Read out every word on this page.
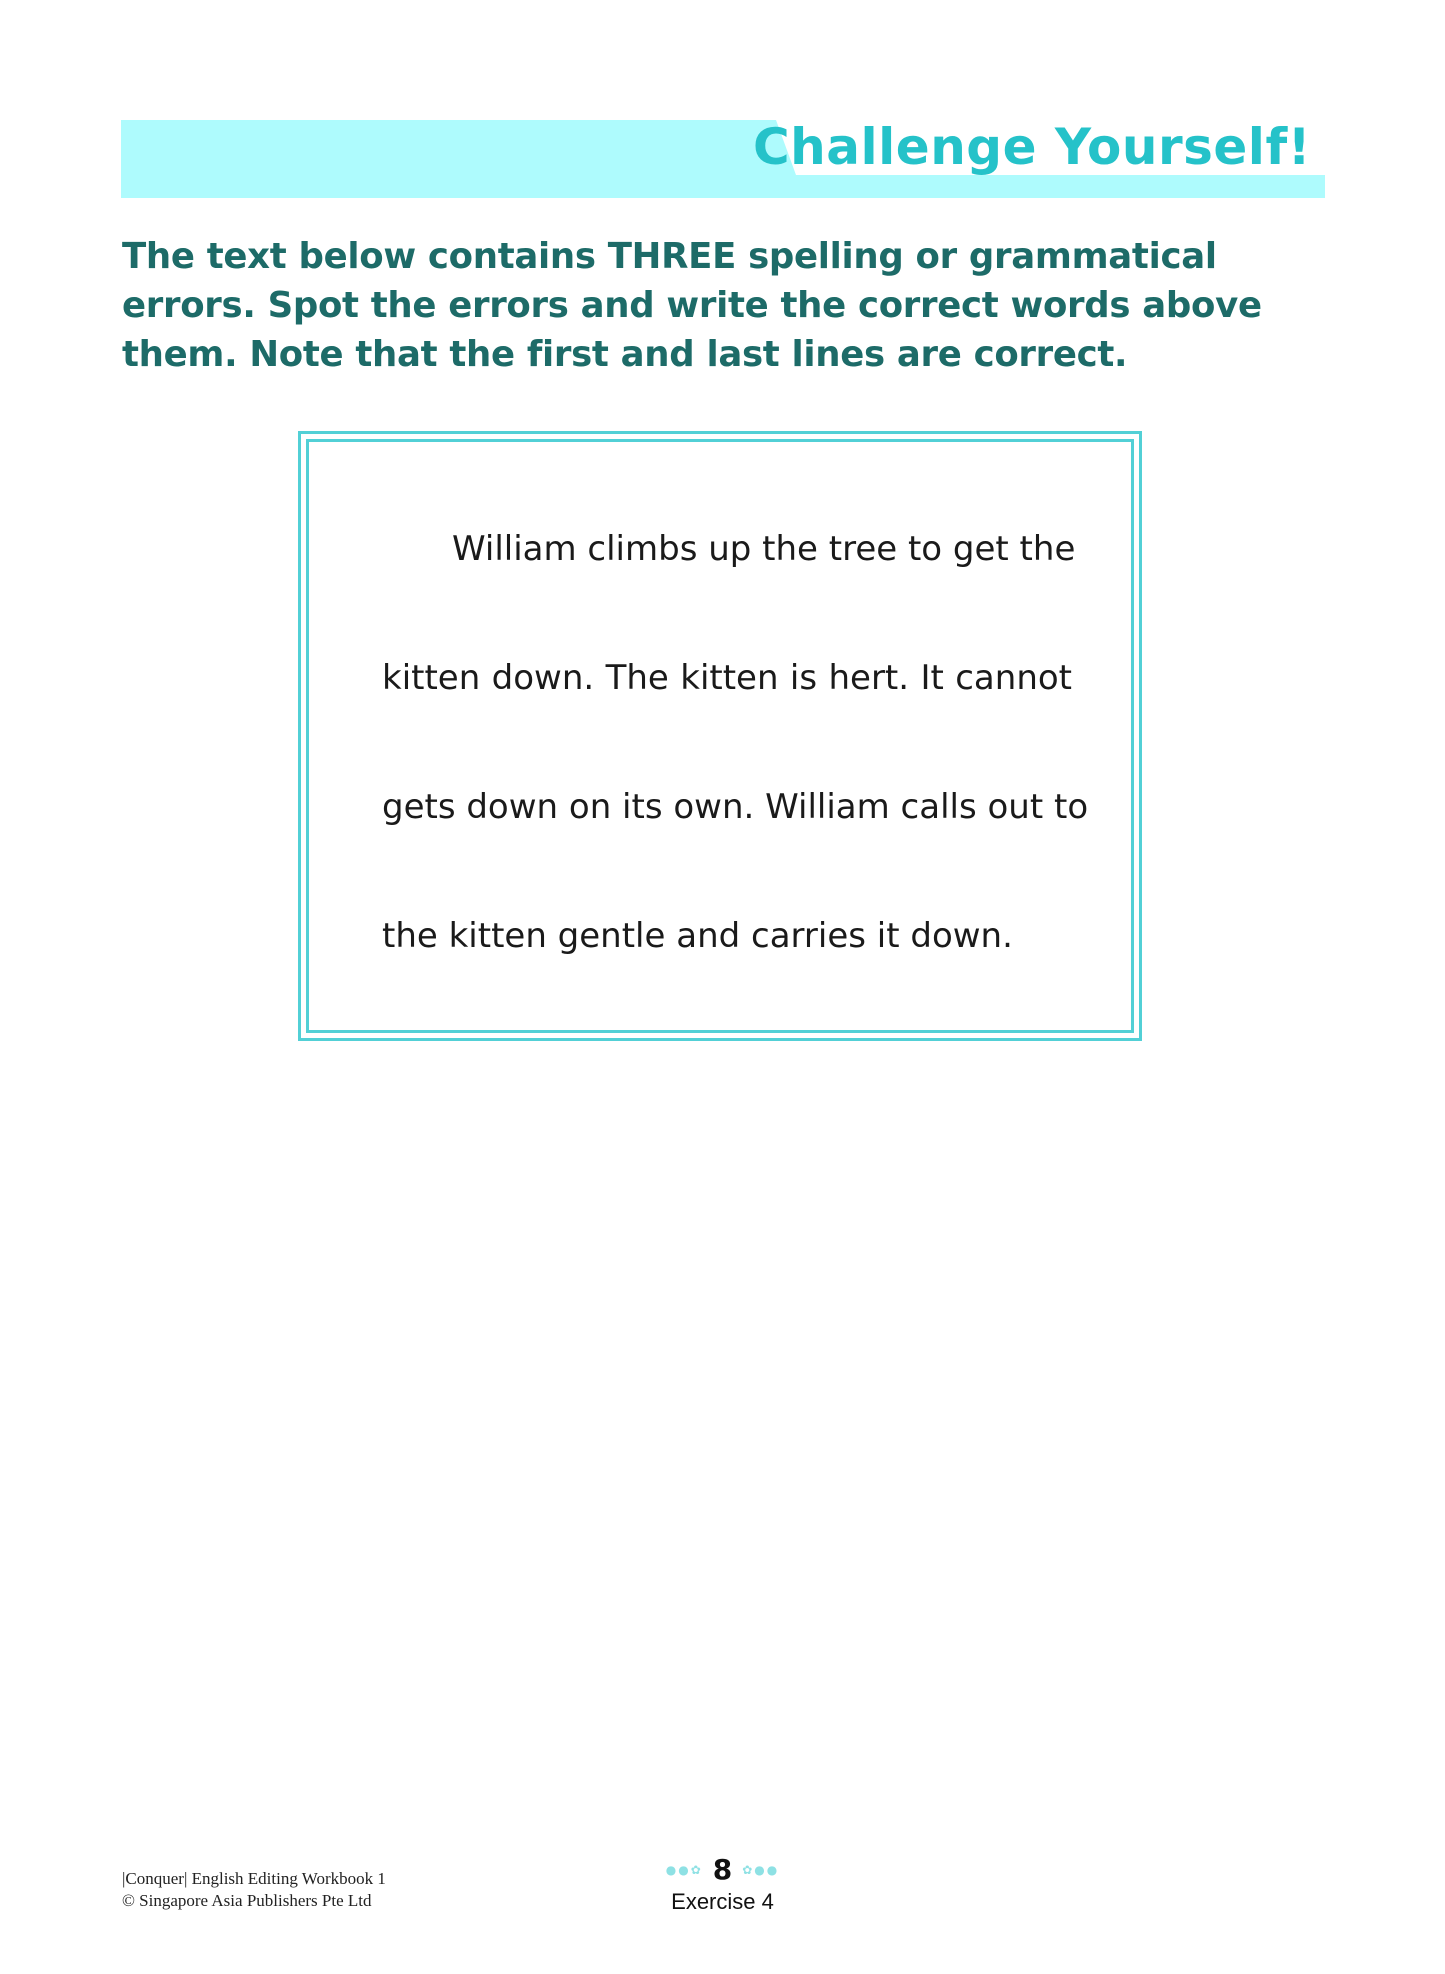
Challenge Yourself!
The text below contains THREE spelling or grammatical errors. Spot the errors and write the correct words above them. Note that the first and last lines are correct.
William climbs up the tree to get the
kitten down. The kitten is hert. It cannot
gets down on its own. William calls out to
the kitten gentle and carries it down.
|Conquer| English Editing Workbook 1
© Singapore Asia Publishers Pte Ltd
●●✿ 8 ✿●●
Exercise 4
